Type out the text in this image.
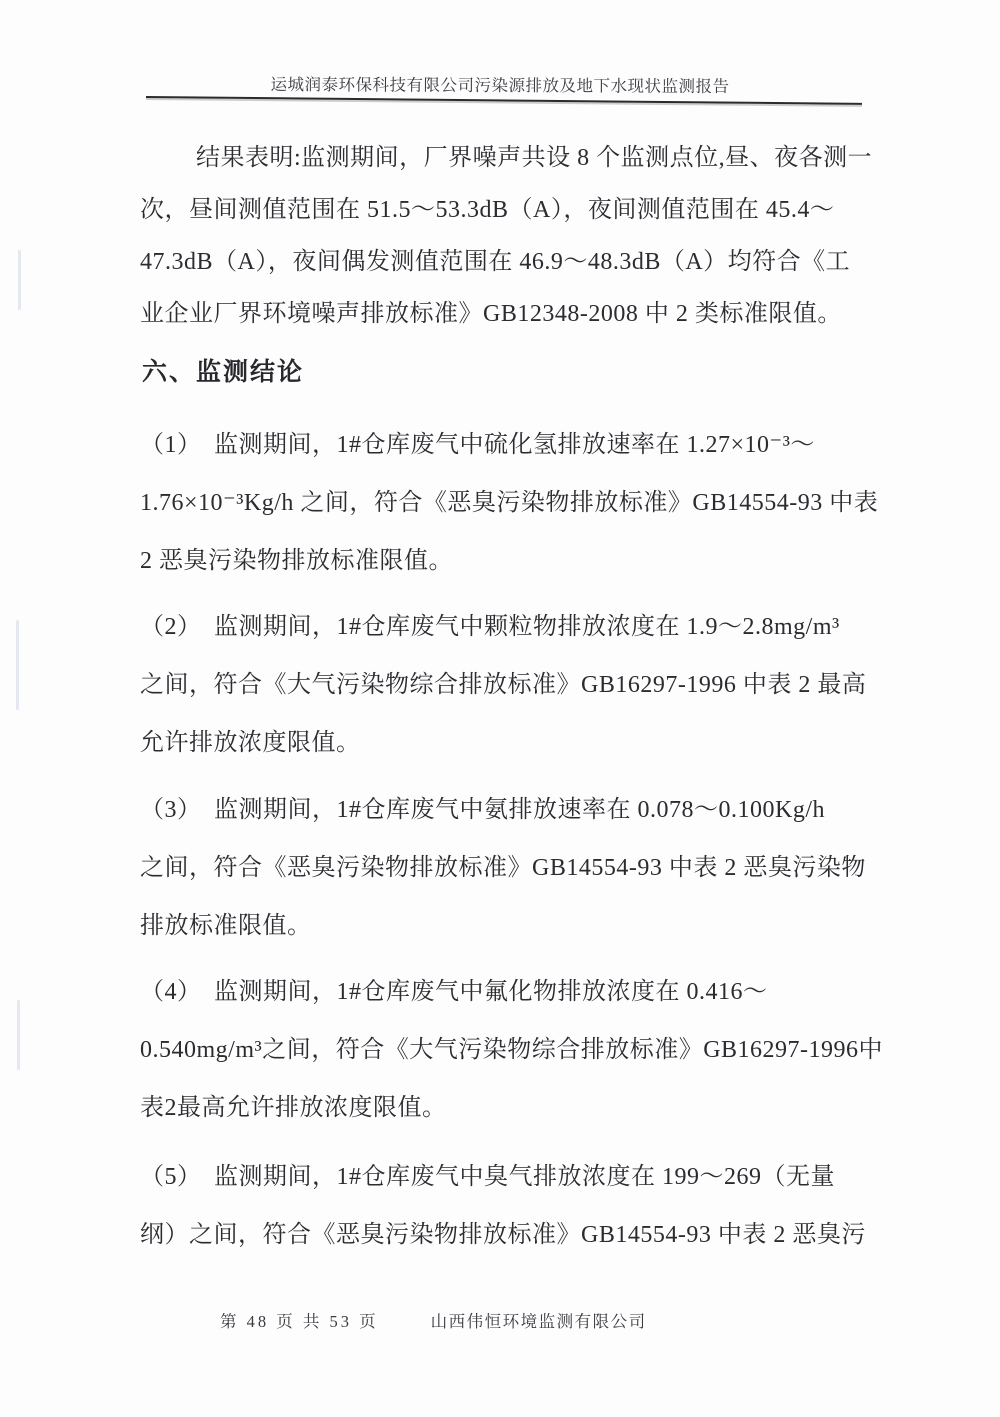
运城润泰环保科技有限公司污染源排放及地下水现状监测报告
结果表明:监测期间，厂界噪声共设 8 个监测点位,昼、夜各测一
次，昼间测值范围在 51.5～53.3dB（A），夜间测值范围在 45.4～
47.3dB（A），夜间偶发测值范围在 46.9～48.3dB（A）均符合《工
业企业厂界环境噪声排放标准》GB12348-2008 中 2 类标准限值。
六、监测结论
（1）　监测期间，1#仓库废气中硫化氢排放速率在 1.27×10⁻³～
1.76×10⁻³Kg/h 之间，符合《恶臭污染物排放标准》GB14554-93 中表
2 恶臭污染物排放标准限值。
（2）　监测期间，1#仓库废气中颗粒物排放浓度在 1.9～2.8mg/m³
之间，符合《大气污染物综合排放标准》GB16297-1996 中表 2 最高
允许排放浓度限值。
（3）　监测期间，1#仓库废气中氨排放速率在 0.078～0.100Kg/h
之间，符合《恶臭污染物排放标准》GB14554-93 中表 2 恶臭污染物
排放标准限值。
（4）　监测期间，1#仓库废气中氟化物排放浓度在 0.416～
0.540mg/m³之间，符合《大气污染物综合排放标准》GB16297-1996中
表2最高允许排放浓度限值。
（5）　监测期间，1#仓库废气中臭气排放浓度在 199～269（无量
纲）之间，符合《恶臭污染物排放标准》GB14554-93 中表 2 恶臭污
第 48 页 共 53 页	山西伟恒环境监测有限公司
